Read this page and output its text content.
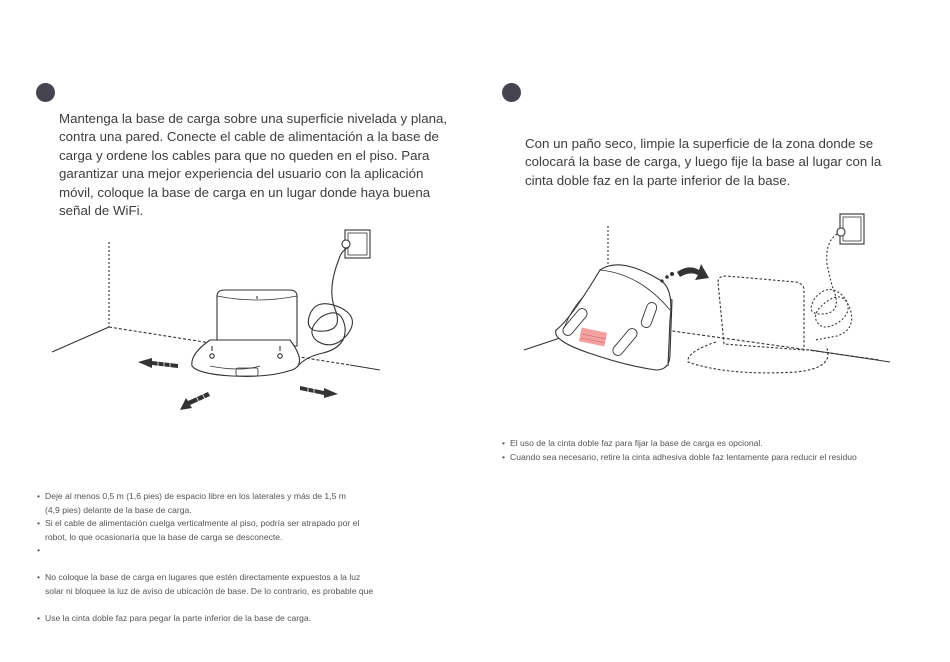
Mantenga la base de carga sobre una superficie nivelada y plana, contra una pared. Conecte el cable de alimentación a la base de carga y ordene los cables para que no queden en el piso. Para garantizar una mejor experiencia del usuario con la aplicación móvil, coloque la base de carga en un lugar donde haya buena señal de WiFi.

Con un paño seco, limpie la superficie de la zona donde se colocará la base de carga, y luego fije la base al lugar con la cinta doble faz en la parte inferior de la base.

• El uso de la cinta doble faz para fijar la base de carga es opcional.
• Cuando sea necesario, retire la cinta adhesiva doble faz lentamente para reducir el residuo
• Deje al menos 0,5 m (1,6 pies) de espacio libre en los laterales y más de 1,5 m
(4,9 pies) delante de la base de carga.
• Si el cable de alimentación cuelga verticalmente al piso, podría ser atrapado por el
robot, lo que ocasionaría que la base de carga se desconecte.
•
• No coloque la base de carga en lugares que estén directamente expuestos a la luz
solar ni bloquee la luz de aviso de ubicación de base. De lo contrario, es probable que
• Use la cinta doble faz para pegar la parte inferior de la base de carga.
